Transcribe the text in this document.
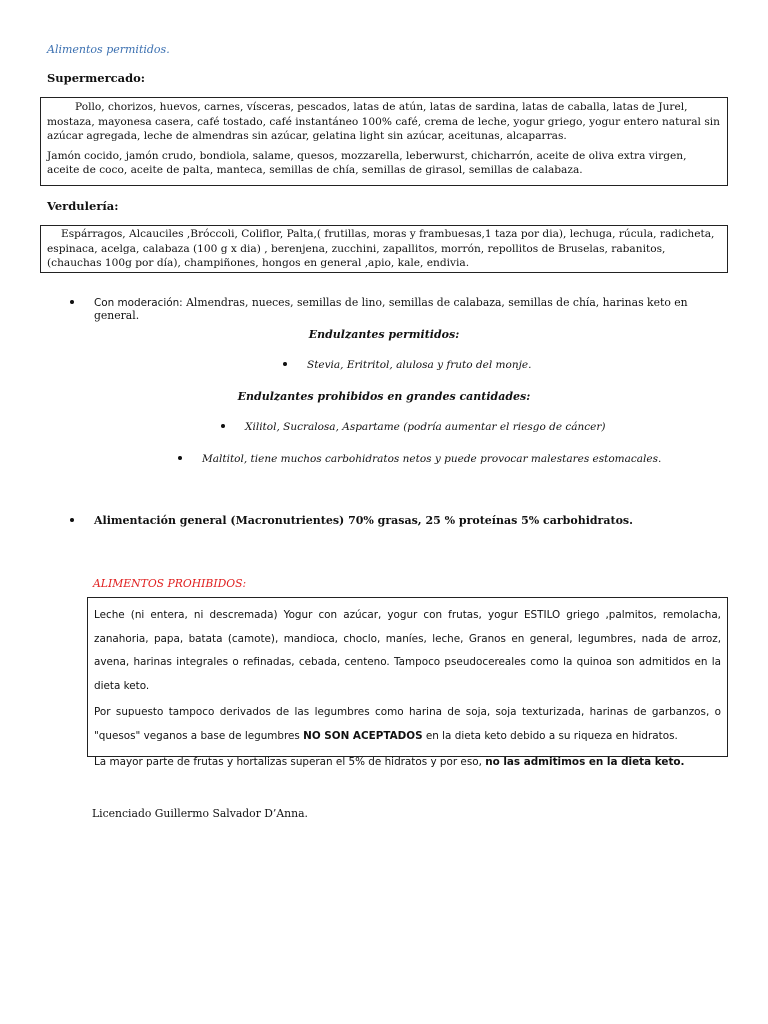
Alimentos permitidos.
Supermercado:

Pollo, chorizos, huevos, carnes, vísceras, pescados, latas de atún, latas de sardina, latas de caballa, latas de Jurel, mostaza, mayonesa casera, café tostado, café instantáneo 100% café, crema de leche, yogur griego, yogur entero natural sin azúcar agregada, leche de almendras sin azúcar, gelatina light sin azúcar, aceitunas, alcaparras.

Jamón cocido, jamón crudo, bondiola, salame, quesos, mozzarella, leberwurst, chicharrón, aceite de oliva extra virgen, aceite de coco, aceite de palta, manteca, semillas de chía, semillas de girasol, semillas de calabaza.

Verdulería:

Espárragos, Alcauciles ,Bróccoli, Coliflor, Palta,( frutillas, moras y frambuesas,1 taza por dia), lechuga, rúcula, radicheta, espinaca, acelga, calabaza (100 g x dia) , berenjena, zucchini, zapallitos, morrón, repollitos de Bruselas, rabanitos, (chauchas 100g por día), champiñones, hongos en general ,apio, kale, endivia.

Con moderación: Almendras, nueces, semillas de lino, semillas de calabaza, semillas de chía, harinas keto en general.
Endulzantes permitidos:
Stevia, Eritritol, alulosa y fruto del monje.
Endulzantes prohibidos en grandes cantidades:
Xilitol, Sucralosa, Aspartame (podría aumentar el riesgo de cáncer)
Maltitol, tiene muchos carbohidratos netos y puede provocar malestares estomacales.
Alimentación general (Macronutrientes) 70% grasas, 25 % proteínas 5% carbohidratos.
ALIMENTOS PROHIBIDOS:

Leche (ni entera, ni descremada) Yogur con azúcar, yogur con frutas, yogur ESTILO griego ,palmitos, remolacha, zanahoria, papa, batata (camote), mandioca, choclo, maníes, leche, Granos en general, legumbres, nada de arroz, avena, harinas integrales o refinadas, cebada, centeno. Tampoco pseudocereales como la quinoa son admitidos en la dieta keto.

Por supuesto tampoco derivados de las legumbres como harina de soja, soja texturizada, harinas de garbanzos, o "quesos" veganos a base de legumbres NO SON ACEPTADOS en la dieta keto debido a su riqueza en hidratos.

La mayor parte de frutas y hortalizas superan el 5% de hidratos y por eso, no las admitimos en la dieta keto.

Licenciado Guillermo Salvador D’Anna.
